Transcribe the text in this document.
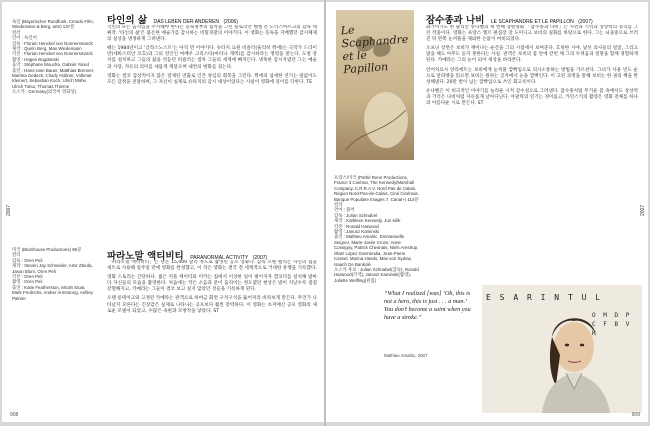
2007

독일 (Bayerischer Rundfunk, Creado Film, Wiedemann & Berg, arte) 137분

컬러

언어 : 독일어

감독 : Florian Henckel von Donnersmarck

제작 : Quirin Berg, Max Wiedemann

각본 : Florian Henckel von Donnersmarck

촬영 : Hagen Bogdanski

음악 : Stéphane Moucha, Gabriel Yared

출연 : Hans-Uwe Bauer, Matthias Brenner, Martina Gedeck, Charly Hübner, Volkmar Kleinert, Sebastian Koch, Ulrich Mühe, Ulrich Tukur, Thomas Thieme

오스카 : Germany(외국어 영화상)

타인의 삶 DAS LEBEN DER ANDEREN (2006)

국민의 모든 움직임을 주시해야 한다는 동독정부의 집착을 그린 플로리안 헨켈 폰 도너스마르크의 감독 데뷔작. '타인의 삶'은 불온한 예술가를 감시하는 비밀경찰의 이야기다. 이 영화는 동독을 지배했던 감시체제의 실상을 냉정하게 그려낸다.

때는 1984년이고 '글라스노스트'는 아직 먼 이야기다. 슈타지 요원 비즐러(울리히 뮈에)는 극작가 드라이만(세바스티안 코흐)과 그의 연인인 여배우 크리스타(마티나 게덱)를 감시하라는 명령을 받는다. 도청 장치를 설치하고 그들의 삶을 엿듣던 비즐러는 점차 그들의 세계에 빠져든다. 냉혹한 감시자였던 그는 예술과 사랑, 자유의 의미를 새롭게 깨달으며 내면의 변화를 겪는다.

영화는 결코 감상적이지 않은 절제된 연출로 인간 양심의 회복을 그린다. 뮈에의 섬세한 연기는 말없이도 모든 감정을 전달하며, 그 자신이 실제로 슈타지의 감시 대상이었다는 사실이 영화에 깊이를 더한다. TE

미국 (Blumhouse Productions) 86분

컬러

감독 : Oren Peli

제작 : Steven Jay Schneider, Amir Zbeda, Jason Blum, Oren Peli

각본 : Oren Peli

촬영 : Oren Peli

출연 : Katie Featherston, Micah Sloat, Mark Fredrichs, Amber Armstrong, Ashley Palmer

파라노말 액티비티 PARANORMAL ACTIVITY (2007)

「파라노말 액티비티」는 단돈 15,000 달러 정도로 촬영된 공포 영화다. 감독 오렌 펠리는 자신의 집을 세트로 사용해 일주일 만에 영화를 완성했고, 이 작은 영화는 결국 전 세계적으로 거대한 흥행을 기록했다.

영화 스토리는 간단하다. 젊은 커플 케이티와 미카는 집에서 이상한 일이 벌어지자 캠코더를 설치해 밤마다 자신들의 모습을 촬영한다. 처음에는 작은 소음과 문이 움직이는 정도였던 현상은 밤이 지날수록 점점 강렬해지고, 카메라는 그들이 결코 보고 싶지 않았던 것들을 기록하게 된다.

오랜 롱테이크와 고정된 카메라는 관객으로 하여금 화면 구석구석을 뚫어져라 바라보게 만든다. 무언가 나타날지 모른다는 긴장감은 실제로 나타나는 공포보다 훨씬 강력하다. 이 영화는 초저예산 공포 영화의 새로운 모델이 되었고, 수많은 속편과 모방작을 낳았다. ST

908
2007
Le Scaphandre et le Papillon

프랑스/미국 (Pathé Renn Productions, France 3 Cinéma, The Kennedy/Marshall Company, C.R.R.A.V. Nord Pas de Calais, Région Nord-Pas-de-Calais, Ciné Cinémas, Banque Populaire Images 7, Canal+) 112분 컬러

언어 : 불어

감독 : Julian Schnabel

제작 : Kathleen Kennedy, Jon Kilik

각본 : Ronald Harwood

촬영 : Janusz Kaminski

출연 : Mathieu Amalric, Emmanuelle Seigner, Marie-Josée Croze, Anne Consigny, Patrick Chesnais, Niels Arestrup, Olatz López Garmendia, Jean-Pierre Cassel, Marina Hands, Max von Sydow, Isaach De Bankolé

오스카 후보 : Julian Schnabel(감독), Ronald Harwood(각색), Janusz Kaminski(촬영), Juliette Welfling(편집)

잠수종과 나비 LE SCAPHANDRE ET LE PAPILLON (2007)

화가이기도 한 줄리안 슈나벨의 세 번째 장편영화 「잠수종과 나비」는 시련과 기억과 상상력의 승리를 그린 작품이다. 영화는 프랑스 엘르 편집장 장 도미니크 보비의 실화를 바탕으로 한다. 그는 뇌졸중으로 쓰러진 뒤 왼쪽 눈꺼풀을 제외한 온몸이 마비되었다.

오프닝 장면은 보비가 깨어나는 순간을 그의 시점에서 보여준다. 흐릿한 시야, 낯선 의사들의 얼굴, 그리고 말을 해도 아무도 듣지 못한다는 사실. 관객은 보비의 몸 안에 갇힌 채 그의 두려움과 절망을 함께 경험하게 된다. 카메라는 그의 눈이 되어 세상을 바라본다.

언어치료사 앙리에트는 보비에게 눈꺼풀 깜빡임으로 의사소통하는 방법을 가르친다. 그녀가 사용 빈도 순으로 알파벳을 읽으면 보비는 원하는 글자에서 눈을 깜빡인다. 이 고된 과정을 통해 보비는 한 권의 책을 완성해낸다. 20만 번이 넘는 깜빡임으로 쓰인 회고록이다.

슈나벨은 이 비극적인 이야기를 놀라운 시적 감수성으로 그려낸다. 잠수종처럼 무거운 몸 속에서도 상상력과 기억은 나비처럼 자유롭게 날아다닌다. 아말릭의 연기는 경이롭고, 카민스키의 촬영은 영화 전체를 하나의 아름다운 시로 만든다. ST

“What I realized [was] ‘Oh, this is not a hero, this is just . . . a man.’ You don’t become a saint when you have a stroke.”
Mathieu Amalric, 2007
E S A R I N T U L
O M D P C F B V H
909
